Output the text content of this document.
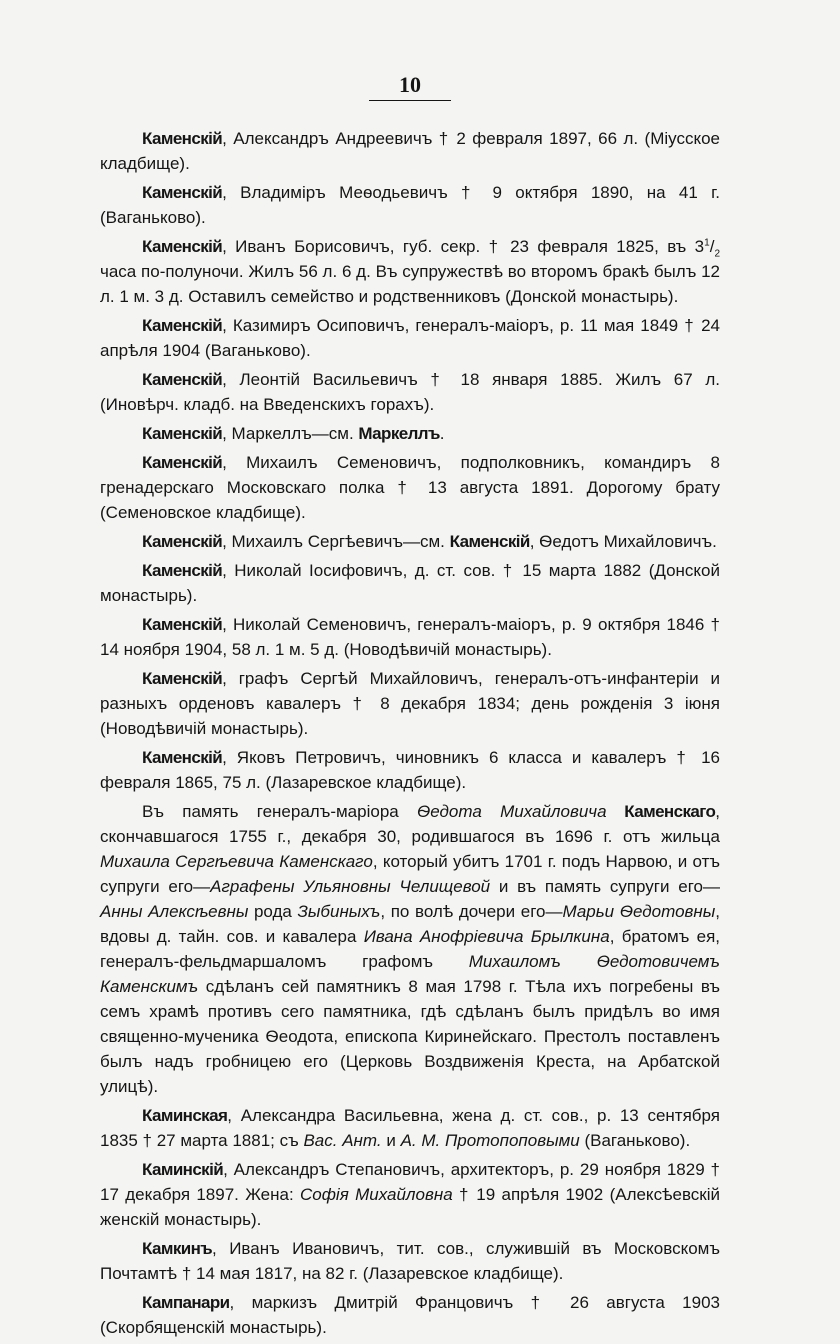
10

Каменскій, Александръ Андреевичъ † 2 февраля 1897, 66 л. (Міусское кладбище).

Каменскій, Владиміръ Меѳодьевичъ † 9 октября 1890, на 41 г. (Ваганьково).

Каменскій, Иванъ Борисовичъ, губ. секр. † 23 февраля 1825, въ $3^1/_2$ часа по-полуночи. Жилъ 56 л. 6 д. Въ супружествѣ во второмъ бракѣ былъ 12 л. 1 м. 3 д. Оставилъ семейство и родственниковъ (Донской монастырь).

Каменскій, Казимиръ Осиповичъ, генералъ-маіоръ, р. 11 мая 1849 † 24 апрѣля 1904 (Ваганьково).

Каменскій, Леонтій Васильевичъ † 18 января 1885. Жилъ 67 л. (Иновѣрч. кладб. на Введенскихъ горахъ).

Каменскій, Маркеллъ—см. Маркеллъ.

Каменскій, Михаилъ Семеновичъ, подполковникъ, командиръ 8 гренадерскаго Московскаго полка † 13 августа 1891. Дорогому брату (Семеновское кладбище).

Каменскій, Михаилъ Сергѣевичъ—см. Каменскій, Ѳедотъ Михайловичъ.

Каменскій, Николай Іосифовичъ, д. ст. сов. † 15 марта 1882 (Донской монастырь).

Каменскій, Николай Семеновичъ, генералъ-маіоръ, р. 9 октября 1846 † 14 ноября 1904, 58 л. 1 м. 5 д. (Новодѣвичій монастырь).

Каменскій, графъ Сергѣй Михайловичъ, генералъ-отъ-инфантеріи и разныхъ орденовъ кавалеръ † 8 декабря 1834; день рожденія 3 іюня (Новодѣвичій монастырь).

Каменскій, Яковъ Петровичъ, чиновникъ 6 класса и кавалеръ † 16 февраля 1865, 75 л. (Лазаревское кладбище).

Въ память генералъ-маріора Ѳедота Михайловича Каменскаго, скончавшагося 1755 г., декабря 30, родившагося въ 1696 г. отъ жильца Михаила Сергѣевича Каменскаго, который убитъ 1701 г. подъ Нарвою, и отъ супруги его—Аграфены Ульяновны Челищевой и въ память супруги его—Анны Алексѣевны рода Зыбиныхъ, по волѣ дочери его—Марьи Ѳедотовны, вдовы д. тайн. сов. и кавалера Ивана Анофріевича Брылкина, братомъ ея, генералъ-фельдмаршаломъ графомъ Михаиломъ Ѳедотовичемъ Каменскимъ сдѣланъ сей памятникъ 8 мая 1798 г. Тѣла ихъ погребены въ семъ храмѣ противъ сего памятника, гдѣ сдѣланъ былъ придѣлъ во имя священно-мученика Ѳеодота, епископа Киринейскаго. Престолъ поставленъ былъ надъ гробницею его (Церковь Воздвиженія Креста, на Арбатской улицѣ).

Каминская, Александра Васильевна, жена д. ст. сов., р. 13 сентября 1835 † 27 марта 1881; съ Вас. Ант. и А. М. Протопоповыми (Ваганьково).

Каминскій, Александръ Степановичъ, архитекторъ, р. 29 ноября 1829 † 17 декабря 1897. Жена: Софія Михайловна † 19 апрѣля 1902 (Алексѣевскій женскій монастырь).

Камкинъ, Иванъ Ивановичъ, тит. сов., служившій въ Московскомъ Почтамтѣ † 14 мая 1817, на 82 г. (Лазаревское кладбище).

Кампанари, маркизъ Дмитрій Францовичъ † 26 августа 1903 (Скорбященскій монастырь).
